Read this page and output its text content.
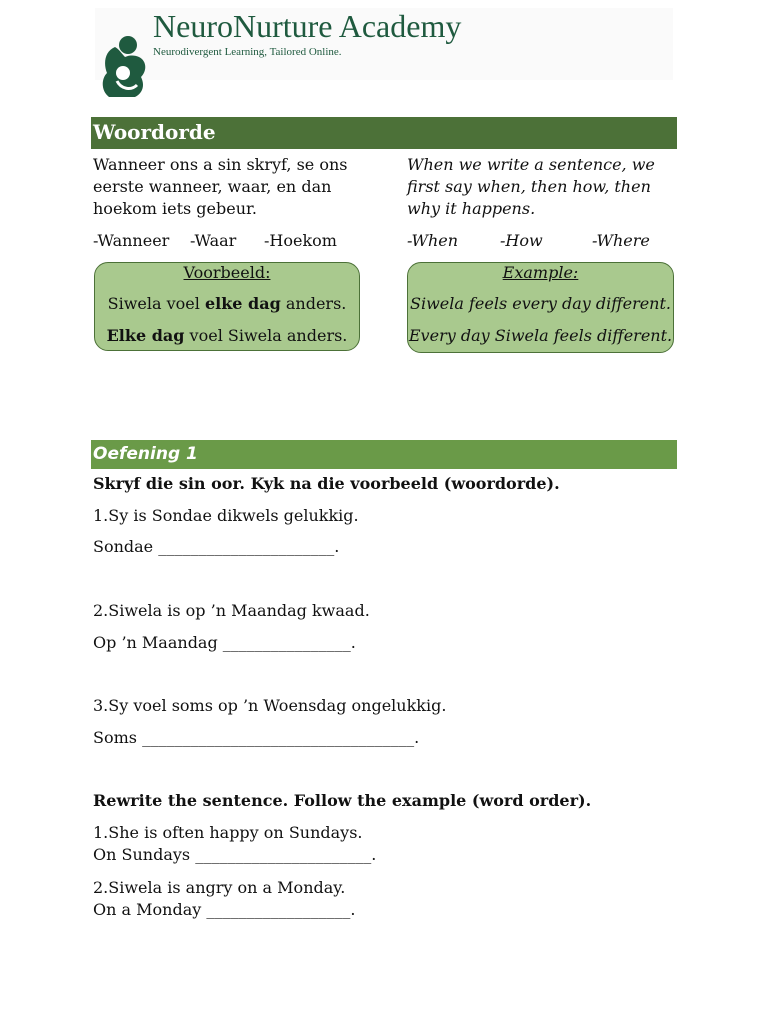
NeuroNurture Academy
Neurodivergent Learning, Tailored Online.
Woordorde
Wanneer ons a sin skryf, se ons eerste wanneer, waar, en dan hoekom iets gebeur.
When we write a sentence, we first say when, then how, then why it happens.
-Wanneer -Waar -Hoekom	-When	-How	-Where
Voorbeeld:
Siwela voel elke dag anders.
Elke dag voel Siwela anders.
Example:
Siwela feels every day different.
Every day Siwela feels different.
Oefening 1
Skryf die sin oor. Kyk na die voorbeeld (woordorde).
1.Sy is Sondae dikwels gelukkig.
Sondae ______________________.
2.Siwela is op ’n Maandag kwaad.
Op ’n Maandag ________________.
3.Sy voel soms op ’n Woensdag ongelukkig.
Soms __________________________________.
Rewrite the sentence. Follow the example (word order).
1.She is often happy on Sundays.
On Sundays ______________________.
2.Siwela is angry on a Monday.
On a Monday __________________.
